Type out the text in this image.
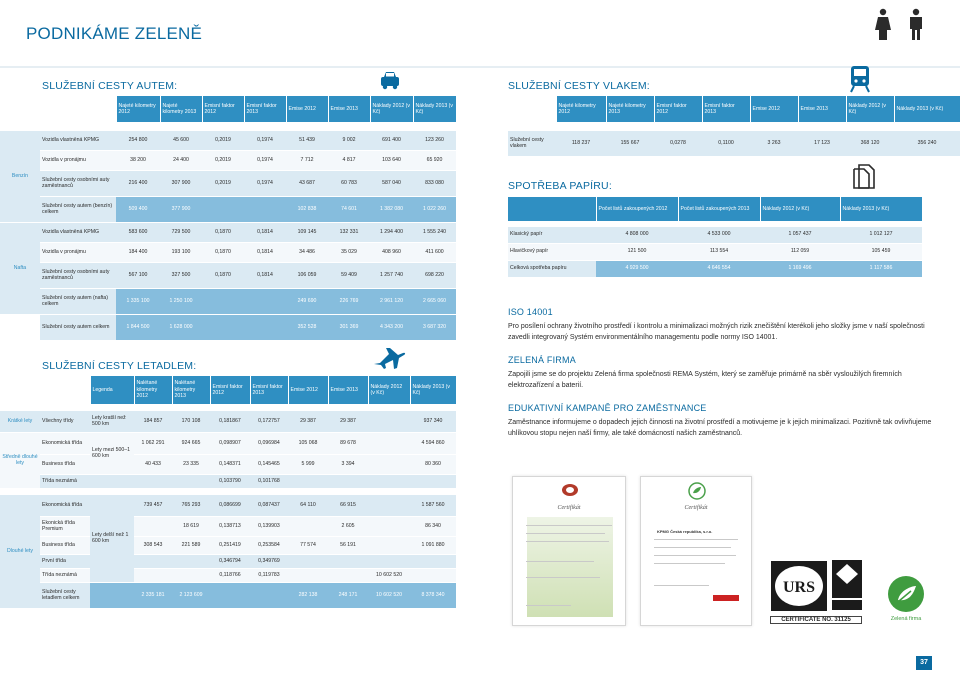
PODNIKÁME ZELENĚ
SLUŽEBNÍ CESTY AUTEM:
		Najeté kilometry 2012	Najeté kilometry 2013	Emisní faktor 2012	Emisní faktor 2013	Emise 2012	Emise 2013	Náklady 2012 (v Kč)	Náklady 2013 (v Kč)

Benzín	Vozidla vlastněná KPMG	254 800	45 600	0,2019	0,1974	51 439	9 002	691 400	123 260
	Vozidla v pronájmu	38 200	24 400	0,2019	0,1974	7 712	4 817	103 640	65 920
	Služební cesty osobními auty zaměstnanců	216 400	307 900	0,2019	0,1974	43 687	60 783	587 040	833 080
	Služební cesty autem (benzín) celkem	509 400	377 900			102 838	74 601	1 382 080	1 022 260
Nafta	Vozidla vlastněná KPMG	583 600	729 500	0,1870	0,1814	109 145	132 331	1 294 400	1 555 240
	Vozidla v pronájmu	184 400	193 100	0,1870	0,1814	34 486	35 029	408 960	411 600
	Služební cesty osobními auty zaměstnanců	567 100	327 500	0,1870	0,1814	106 059	59 409	1 257 740	698 220
	Služební cesty autem (nafta) celkem	1 335 100	1 250 100			249 690	226 769	2 961 120	2 665 060
	Služební cesty autem celkem	1 844 500	1 628 000			352 528	301 369	4 343 200	3 687 320
SLUŽEBNÍ CESTY VLAKEM:
	Najeté kilometry 2012	Najeté kilometry 2013	Emisní faktor 2012	Emisní faktor 2013	Emise 2012	Emise 2013	Náklady 2012 (v Kč)	Náklady 2013 (v Kč)

Služební cesty vlakem	118 237	155 667	0,0278	0,1100	3 263	17 123	368 120	356 240
SPOTŘEBA PAPÍRU:
	Počet listů zakoupených 2012	Počet listů zakoupených 2013	Náklady 2012 (v Kč)	Náklady 2013 (v Kč)

Klasický papír	4 808 000	4 533 000	1 057 437	1 012 127
Hlavičkový papír	121 500	113 554	112 059	105 459
Celková spotřeba papíru	4 929 500	4 646 554	1 169 496	1 117 586
ISO 14001
Pro posílení ochrany životního prostředí i kontrolu a minimalizaci možných rizik znečištění kterékoli jeho složky jsme v naší společnosti zavedli integrovaný Systém environmentálního managementu podle normy ISO 14001.
ZELENÁ FIRMA
Zapojili jsme se do projektu Zelená firma společnosti REMA Systém, který se zaměřuje primárně na sběr vysloužilých firemních elektrozařízení a baterií.
EDUKATIVNÍ KAMPANĚ PRO ZAMĚSTNANCE
Zaměstnance informujeme o dopadech jejich činnosti na životní prostředí a motivujeme je k jejich minimalizaci. Pozitivně tak ovlivňujeme uhlíkovou stopu nejen naší firmy, ale také domácností našich zaměstnanců.
SLUŽEBNÍ CESTY LETADLEM:
		Legenda	Nalétané kilometry 2012	Nalétané kilometry 2013	Emisní faktor 2012	Emisní faktor 2013	Emise 2012	Emise 2013	Náklady 2012 (v Kč)	Náklady 2013 (v Kč)

Krátké lety	Všechny třídy	Lety kratší než 500 km	184 857	170 108	0,181867	0,172757	29 387	29 387		937 340
Středně dlouhé lety	Ekonomická třída	Lety mezi 500–1 600 km	1 062 291	924 665	0,098907	0,096984	105 068	89 678		4 594 860
	Business třída		40 433	23 335	0,148371	0,145465	5 999	3 394		80 360
	Třída neznámá				0,103790	0,101768				

Dlouhé lety	Ekonomická třída	Lety delší než 1 600 km	739 457	765 293	0,086699	0,087437	64 110	66 915		1 587 560
	Ekonická třída Premium			18 619	0,138713	0,139903		2 605		86 340
	Business třída		308 543	221 589	0,251419	0,253584	77 574	56 191		1 091 880
	První třída				0,346794	0,349769				
	Třída neznámá				0,118766	0,119783			10 602 520	
	Služební cesty letadlem celkem		2 335 181	2 123 609			282 138	248 171	10 602 520	8 378 340
Certifikát	Certifikát
KPMG Česká republika, s.r.o.
URS
CERTIFICATE NO. 31125	Zelená firma
37
